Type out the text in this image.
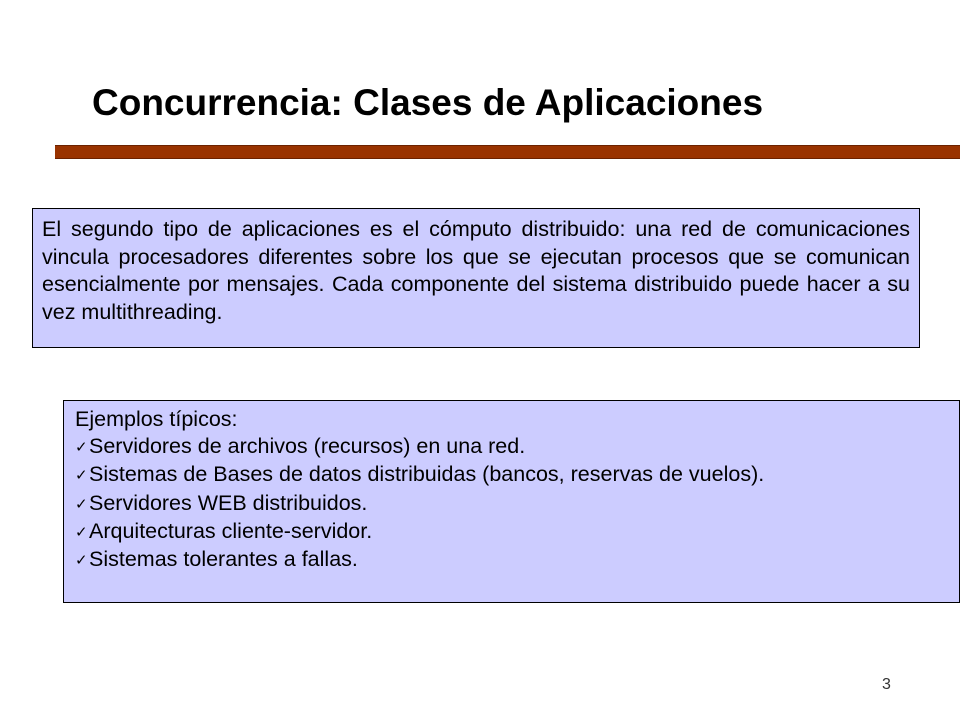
Concurrencia: Clases de Aplicaciones

El segundo tipo de aplicaciones es el cómputo distribuido: una red de comunicaciones vincula procesadores diferentes sobre los que se ejecutan procesos que se comunican esencialmente por mensajes. Cada componente del sistema distribuido puede hacer a su vez multithreading.

Ejemplos típicos:

✓Servidores de archivos (recursos) en una red.
✓Sistemas de Bases de datos distribuidas (bancos, reservas de vuelos).
✓Servidores WEB distribuidos.
✓Arquitecturas cliente-servidor.
✓Sistemas tolerantes a fallas.
3
